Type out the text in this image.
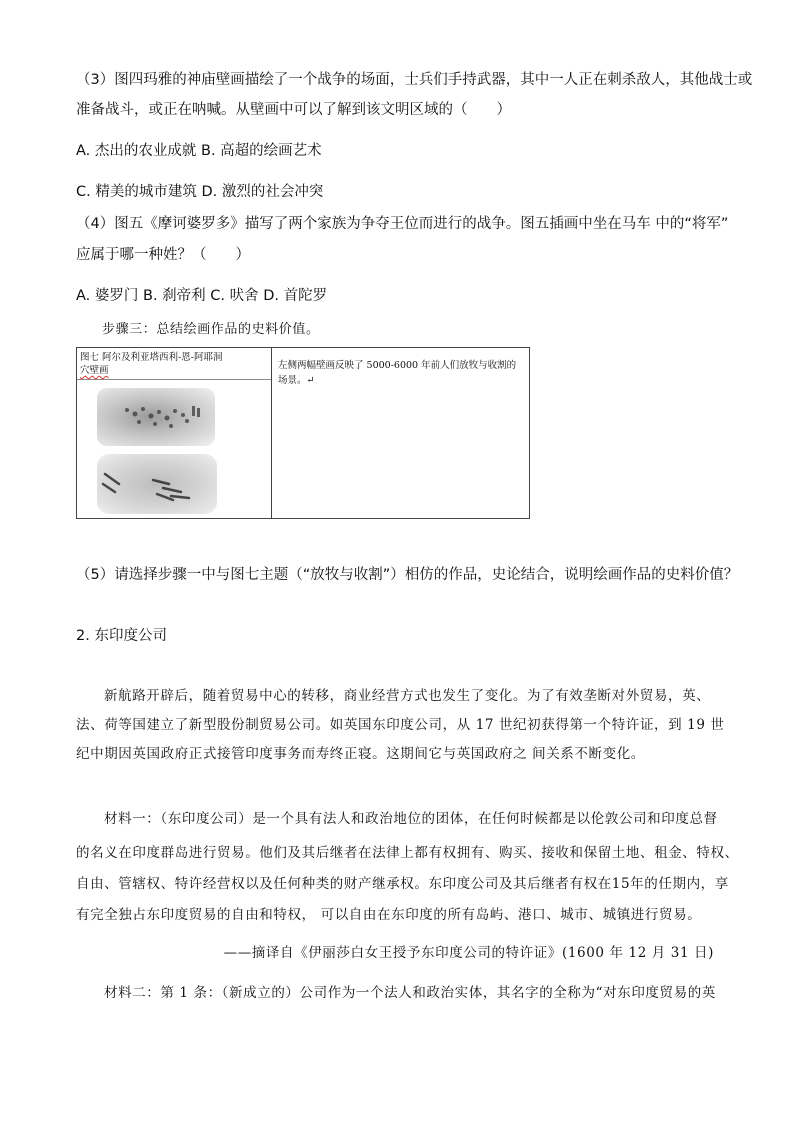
（3）图四玛雅的神庙壁画描绘了一个战争的场面，士兵们手持武器，其中一人正在刺杀敌人，其他战士或
准备战斗，或正在呐喊。从壁画中可以了解到该文明区域的（　　）
A. 杰出的农业成就 B. 高超的绘画艺术
C. 精美的城市建筑 D. 激烈的社会冲突
（4）图五《摩诃婆罗多》描写了两个家族为争夺王位而进行的战争。图五插画中坐在马车 中的“将军”
应属于哪一种姓？（　　）
A. 婆罗门 B. 刹帝利 C. 吠舍 D. 首陀罗
步骤三：总结绘画作品的史料价值。
图七 阿尔及利亚塔西利-恩-阿耶洞
穴壁画	左侧两幅壁画反映了 5000-6000 年前人们放牧与收割的场景。↵
（5）请选择步骤一中与图七主题（“放牧与收割”）相仿的作品，史论结合，说明绘画作品的史料价值？
2. 东印度公司
新航路开辟后，随着贸易中心的转移，商业经营方式也发生了变化。为了有效垄断对外贸易，英、
法、荷等国建立了新型股份制贸易公司。如英国东印度公司，从 17 世纪初获得第一个特许证，到 19 世
纪中期因英国政府正式接管印度事务而寿终正寝。这期间它与英国政府之 间关系不断变化。
材料一：（东印度公司）是一个具有法人和政治地位的团体，在任何时候都是以伦敦公司和印度总督
的名义在印度群岛进行贸易。他们及其后继者在法律上都有权拥有、购买、接收和保留土地、租金、特权、
自由、管辖权、特许经营权以及任何种类的财产继承权。东印度公司及其后继者有权在15年的任期内，享
有完全独占东印度贸易的自由和特权， 可以自由在东印度的所有岛屿、港口、城市、城镇进行贸易。
——摘译自《伊丽莎白女王授予东印度公司的特许证》(1600 年 12 月 31 日)
材料二：第 1 条：（新成立的）公司作为一个法人和政治实体，其名字的全称为“对东印度贸易的英
